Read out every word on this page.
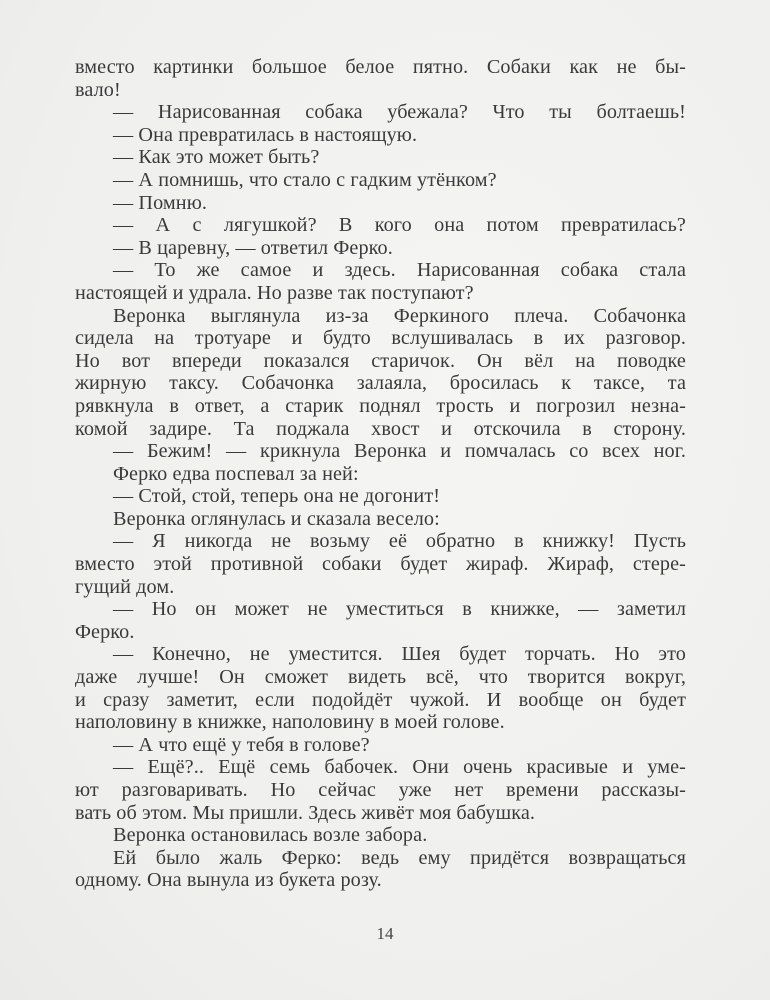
вместо картинки большое белое пятно. Собаки как не бы-
вало!
— Нарисованная собака убежала? Что ты болтаешь!
— Она превратилась в настоящую.
— Как это может быть?
— А помнишь, что стало с гадким утёнком?
— Помню.
— А с лягушкой? В кого она потом превратилась?
— В царевну, — ответил Ферко.
— То же самое и здесь. Нарисованная собака стала
настоящей и удрала. Но разве так поступают?
Веронка выглянула из-за Феркиного плеча. Собачонка
сидела на тротуаре и будто вслушивалась в их разговор.
Но вот впереди показался старичок. Он вёл на поводке
жирную таксу. Собачонка залаяла, бросилась к таксе, та
рявкнула в ответ, а старик поднял трость и погрозил незна-
комой задире. Та поджала хвост и отскочила в сторону.
— Бежим! — крикнула Веронка и помчалась со всех ног.
Ферко едва поспевал за ней:
— Стой, стой, теперь она не догонит!
Веронка оглянулась и сказала весело:
— Я никогда не возьму её обратно в книжку! Пусть
вместо этой противной собаки будет жираф. Жираф, стере-
гущий дом.
— Но он может не уместиться в книжке, — заметил
Ферко.
— Конечно, не уместится. Шея будет торчать. Но это
даже лучше! Он сможет видеть всё, что творится вокруг,
и сразу заметит, если подойдёт чужой. И вообще он будет
наполовину в книжке, наполовину в моей голове.
— А что ещё у тебя в голове?
— Ещё?.. Ещё семь бабочек. Они очень красивые и уме-
ют разговаривать. Но сейчас уже нет времени рассказы-
вать об этом. Мы пришли. Здесь живёт моя бабушка.
Веронка остановилась возле забора.
Ей было жаль Ферко: ведь ему придётся возвращаться
одному. Она вынула из букета розу.
14
